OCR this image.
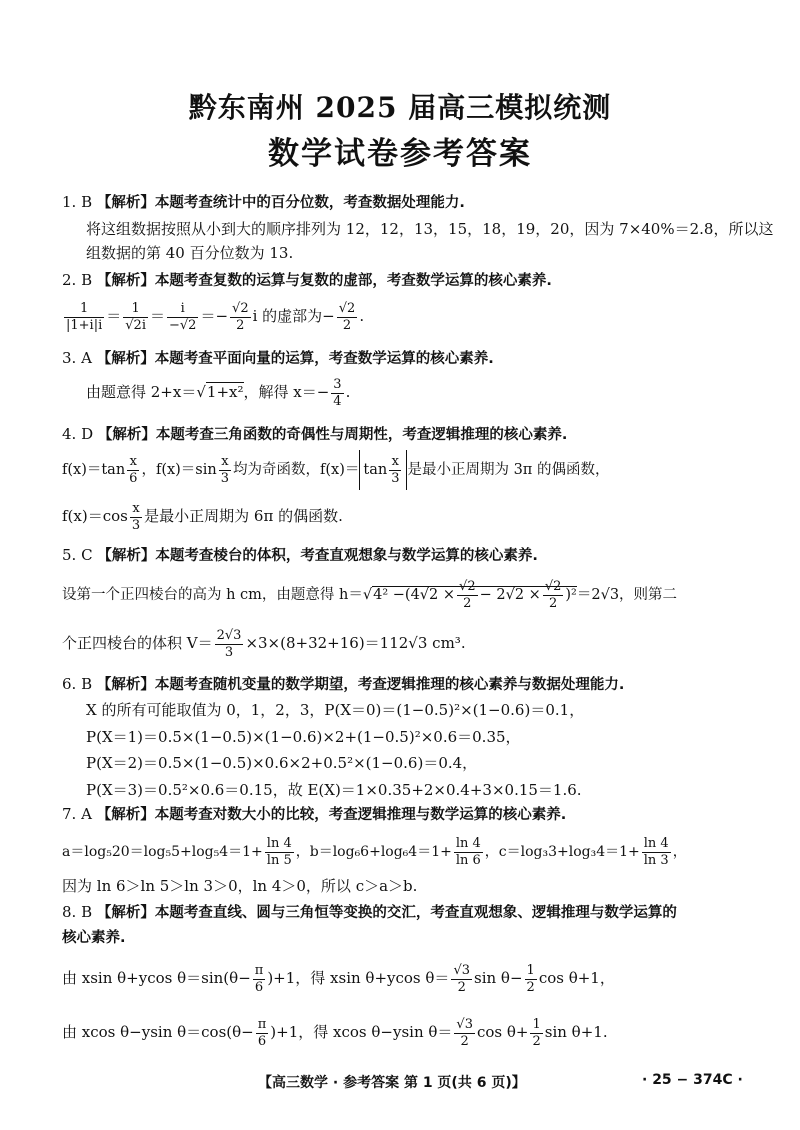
黔东南州 2025 届高三模拟统测
数学试卷参考答案
1. B 【解析】本题考查统计中的百分位数，考查数据处理能力.
将这组数据按照从小到大的顺序排列为 12，12，13，15，18，19，20，因为 7×40%＝2.8，所以这
组数据的第 40 百分位数为 13.
2. B 【解析】本题考查复数的运算与复数的虚部，考查数学运算的核心素养.
$\frac{1}{|1+i|i} = \frac{1}{√2i} = \frac{i}{-√2} =- \frac{√2}{2}$ i 的虚部为− $\frac{√2}{2}$ .
3. A 【解析】本题考查平面向量的运算，考查数学运算的核心素养.
由题意得 2+x＝√1+x²，解得 $x=- \frac{3}{4}$ .
4. D 【解析】本题考查三角函数的奇偶性与周期性，考查逻辑推理的核心素养.
$f(x)=\tan \frac{x}{6}$ ，$f(x)=\sin \frac{x}{3}$ 均为奇函数，$f(x)= \tan \frac{x}{3}$ 是最小正周期为 3π 的偶函数，
$f(x)=\cos \frac{x}{3}$ 是最小正周期为 6π 的偶函数.
5. C 【解析】本题考查棱台的体积，考查直观想象与数学运算的核心素养.
设第一个正四棱台的高为 h cm，由题意得 $h=√4^2 -(4√2 \times \frac{√2}{2} - 2√2 \times \frac{√2}{2} )^2=2√3$，则第二
个正四棱台的体积 $V= \frac{2√3}{3} \times 3\times(8+32+16)=112√3$ cm³.
6. B 【解析】本题考查随机变量的数学期望，考查逻辑推理的核心素养与数据处理能力.
X 的所有可能取值为 0，1，2，3，P(X＝0)＝(1−0.5)²×(1−0.6)＝0.1，
P(X＝1)＝0.5×(1−0.5)×(1−0.6)×2+(1−0.5)²×0.6＝0.35，
P(X＝2)＝0.5×(1−0.5)×0.6×2+0.5²×(1−0.6)＝0.4，
P(X＝3)＝0.5²×0.6＝0.15，故 E(X)＝1×0.35+2×0.4+3×0.15＝1.6.
7. A 【解析】本题考查对数大小的比较，考查逻辑推理与数学运算的核心素养.
$a=\log_520=\log_55+\log_54=1+ \frac{\ln 4}{\ln 5}$ ，$b=\log_66+\log_64=1+ \frac{\ln 4}{\ln 6}$ ，$c=\log_33+\log_34=1+ \frac{\ln 4}{\ln 3}$ ，
因为 ln 6＞ln 5＞ln 3＞0，ln 4＞0，所以 c＞a＞b.
8. B 【解析】本题考查直线、圆与三角恒等变换的交汇，考查直观想象、逻辑推理与数学运算的
核心素养.
由 xsin θ+ycos $\theta=\sin(\theta- \frac{\pi}{6} )+1$，得 xsin θ+ycos $\theta= \frac{√3}{2}$ $\sin \theta- \frac{1}{2}$ cos θ+1，
由 xcos θ−ysin $\theta=\cos(\theta- \frac{\pi}{6} )+1$，得 xcos θ−ysin $\theta= \frac{√3}{2}$ $\cos \theta+ \frac{1}{2}$ sin θ+1.
【高三数学 · 参考答案 第 1 页(共 6 页)】	· 25 − 374C ·
